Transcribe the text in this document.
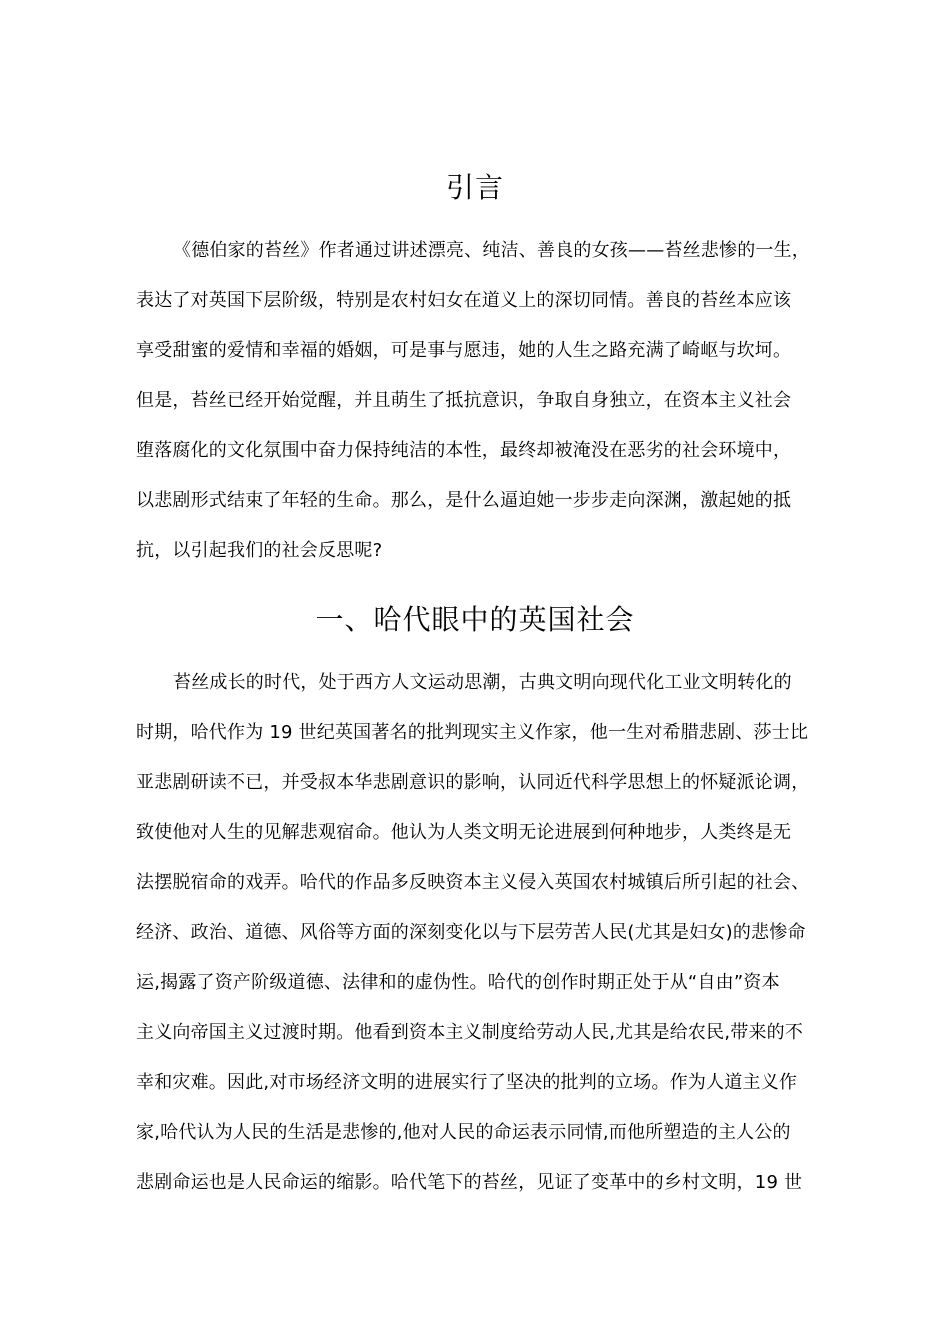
引言

《德伯家的苔丝》作者通过讲述漂亮、纯洁、善良的女孩——苔丝悲惨的一生，

表达了对英国下层阶级，特别是农村妇女在道义上的深切同情。善良的苔丝本应该

享受甜蜜的爱情和幸福的婚姻，可是事与愿违，她的人生之路充满了崎岖与坎坷。

但是，苔丝已经开始觉醒，并且萌生了抵抗意识，争取自身独立，在资本主义社会

堕落腐化的文化氛围中奋力保持纯洁的本性，最终却被淹没在恶劣的社会环境中，

以悲剧形式结束了年轻的生命。那么，是什么逼迫她一步步走向深渊，激起她的抵

抗，以引起我们的社会反思呢?

一、哈代眼中的英国社会

苔丝成长的时代，处于西方人文运动思潮，古典文明向现代化工业文明转化的

时期，哈代作为 19 世纪英国著名的批判现实主义作家，他一生对希腊悲剧、莎士比

亚悲剧研读不已，并受叔本华悲剧意识的影响，认同近代科学思想上的怀疑派论调，

致使他对人生的见解悲观宿命。他认为人类文明无论进展到何种地步，人类终是无

法摆脱宿命的戏弄。哈代的作品多反映资本主义侵入英国农村城镇后所引起的社会、

经济、政治、道德、风俗等方面的深刻变化以与下层劳苦人民(尤其是妇女)的悲惨命

运,揭露了资产阶级道德、法律和的虚伪性。哈代的创作时期正处于从“自由”资本

主义向帝国主义过渡时期。他看到资本主义制度给劳动人民,尤其是给农民,带来的不

幸和灾难。因此,对市场经济文明的进展实行了坚决的批判的立场。作为人道主义作

家,哈代认为人民的生活是悲惨的,他对人民的命运表示同情,而他所塑造的主人公的

悲剧命运也是人民命运的缩影。哈代笔下的苔丝，见证了变革中的乡村文明，19 世
